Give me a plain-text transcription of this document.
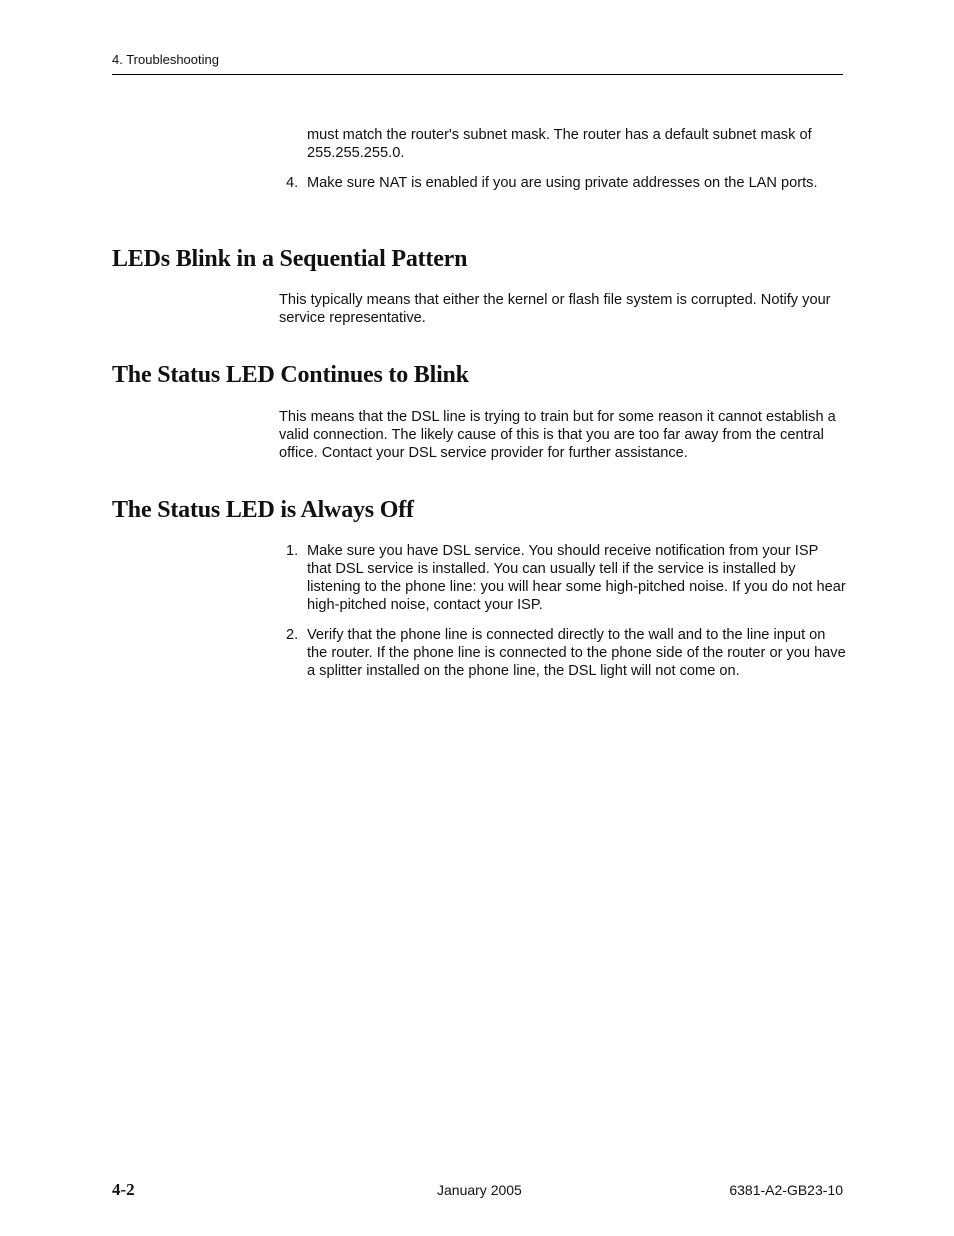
4. Troubleshooting

must match the router's subnet mask. The router has a default subnet mask of 255.255.255.0.

4. Make sure NAT is enabled if you are using private addresses on the LAN ports.
LEDs Blink in a Sequential Pattern

This typically means that either the kernel or flash file system is corrupted. Notify your service representative.

The Status LED Continues to Blink

This means that the DSL line is trying to train but for some reason it cannot establish a valid connection. The likely cause of this is that you are too far away from the central office. Contact your DSL service provider for further assistance.

The Status LED is Always Off
1. Make sure you have DSL service. You should receive notification from your ISP that DSL service is installed. You can usually tell if the service is installed by listening to the phone line: you will hear some high-pitched noise. If you do not hear high-pitched noise, contact your ISP.
2. Verify that the phone line is connected directly to the wall and to the line input on the router. If the phone line is connected to the phone side of the router or you have a splitter installed on the phone line, the DSL light will not come on.
4-2	January 2005	6381-A2-GB23-10
